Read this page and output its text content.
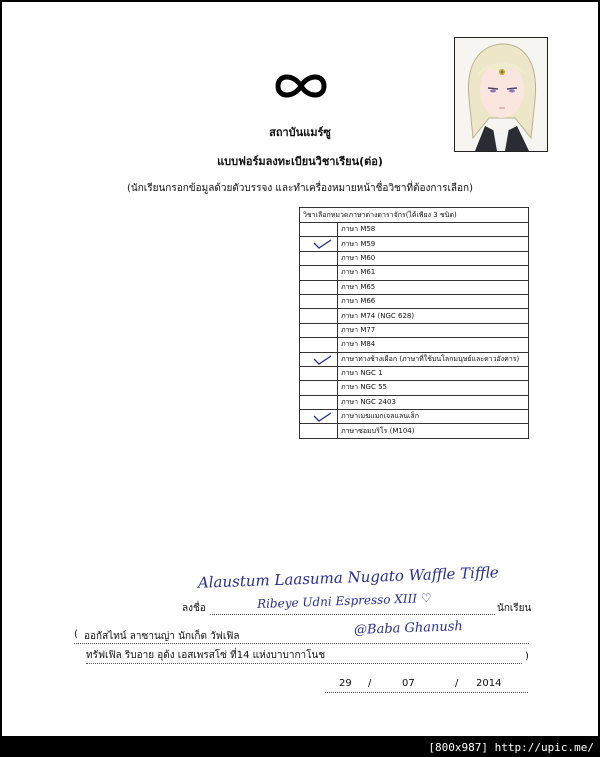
สถาบันแมร์ซู
แบบฟอร์มลงทะเบียนวิชาเรียน(ต่อ)
(นักเรียนกรอกข้อมูลด้วยตัวบรรจง และทำเครื่องหมายหน้าชื่อวิชาที่ต้องการเลือก)
วิชาเลือกหมวดภาษาต่างดาราจักร(ได้เพียง 3 ชนิด)	
	ภาษา M58

	ภาษา M59
	ภาษา M60
	ภาษา M61
	ภาษา M65
	ภาษา M66
	ภาษา M74 (NGC 628)
	ภาษา M77
	ภาษา M84

	ภาษาทางช้างเผือก (ภาษาที่ใช้บนโลกมนุษย์และดาวอังคาร)
	ภาษา NGC 1
	ภาษา NGC 55
	ภาษา NGC 2403

	ภาษาเมฆแมกเจลแลนเล็ก
	ภาษาซอมบริโร (M104)
Alaustum Laasuma Nugato Waffle Tiffle
Ribeye Udni Espresso XIII ♡
@Baba Ghanush
ลงชื่อ	นักเรียน
( ออกัสไทน์ ลาซานญ่า นักเก็ต วัฟเฟิล
ทรัฟเฟิล ริบอาย อุด้ง เอสเพรสโซ่ ที่14 แห่งบาบากาโนช	)
29 /	07	/ 2014
[800x987] http://upic.me/
